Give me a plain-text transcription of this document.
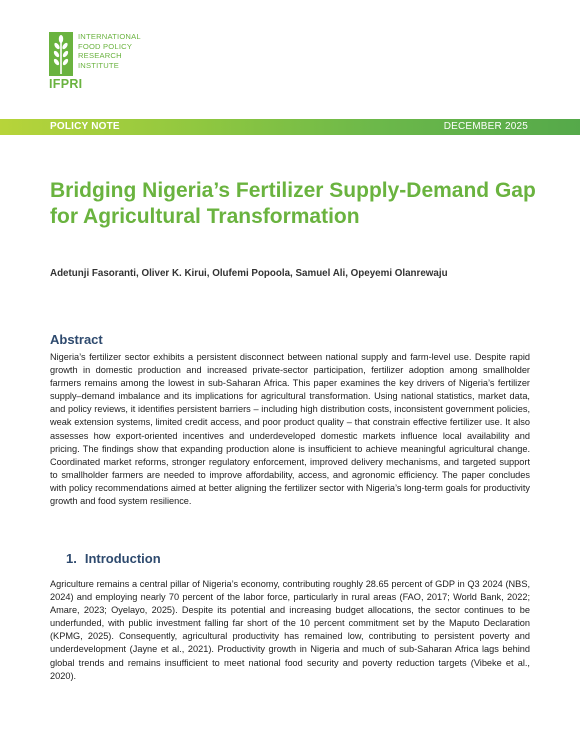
INTERNATIONAL
FOOD POLICY
RESEARCH
INSTITUTE
IFPRI
POLICY NOTE	DECEMBER 2025
Bridging Nigeria’s Fertilizer Supply-Demand Gap for Agricultural Transformation
Adetunji Fasoranti, Oliver K. Kirui, Olufemi Popoola, Samuel Ali, Opeyemi Olanrewaju
Abstract

Nigeria’s fertilizer sector exhibits a persistent disconnect between national supply and farm-level use. Despite rapid growth in domestic production and increased private-sector participation, fertilizer adoption among smallholder farmers remains among the lowest in sub-Saharan Africa. This paper examines the key drivers of Nigeria’s fertilizer supply–demand imbalance and its implications for agricultural transformation. Using national statistics, market data, and policy reviews, it identifies persistent barriers – including high distribution costs, inconsistent government policies, weak extension systems, limited credit access, and poor product quality – that constrain effective fertilizer use. It also assesses how export-oriented incentives and underdeveloped domestic markets influence local availability and pricing. The findings show that expanding production alone is insufficient to achieve meaningful agricultural change. Coordinated market reforms, stronger regulatory enforcement, improved delivery mechanisms, and targeted support to smallholder farmers are needed to improve affordability, access, and agronomic efficiency. The paper concludes with policy recommendations aimed at better aligning the fertilizer sector with Nigeria’s long-term goals for productivity growth and food system resilience.

1. Introduction

Agriculture remains a central pillar of Nigeria’s economy, contributing roughly 28.65 percent of GDP in Q3 2024 (NBS, 2024) and employing nearly 70 percent of the labor force, particularly in rural areas (FAO, 2017; World Bank, 2022; Amare, 2023; Oyelayo, 2025). Despite its potential and increasing budget allocations, the sector continues to be underfunded, with public investment falling far short of the 10 percent commitment set by the Maputo Declaration (KPMG, 2025). Consequently, agricultural productivity has remained low, contributing to persistent poverty and underdevelopment (Jayne et al., 2021). Productivity growth in Nigeria and much of sub-Saharan Africa lags behind global trends and remains insufficient to meet national food security and poverty reduction targets (Vibeke et al., 2020).
